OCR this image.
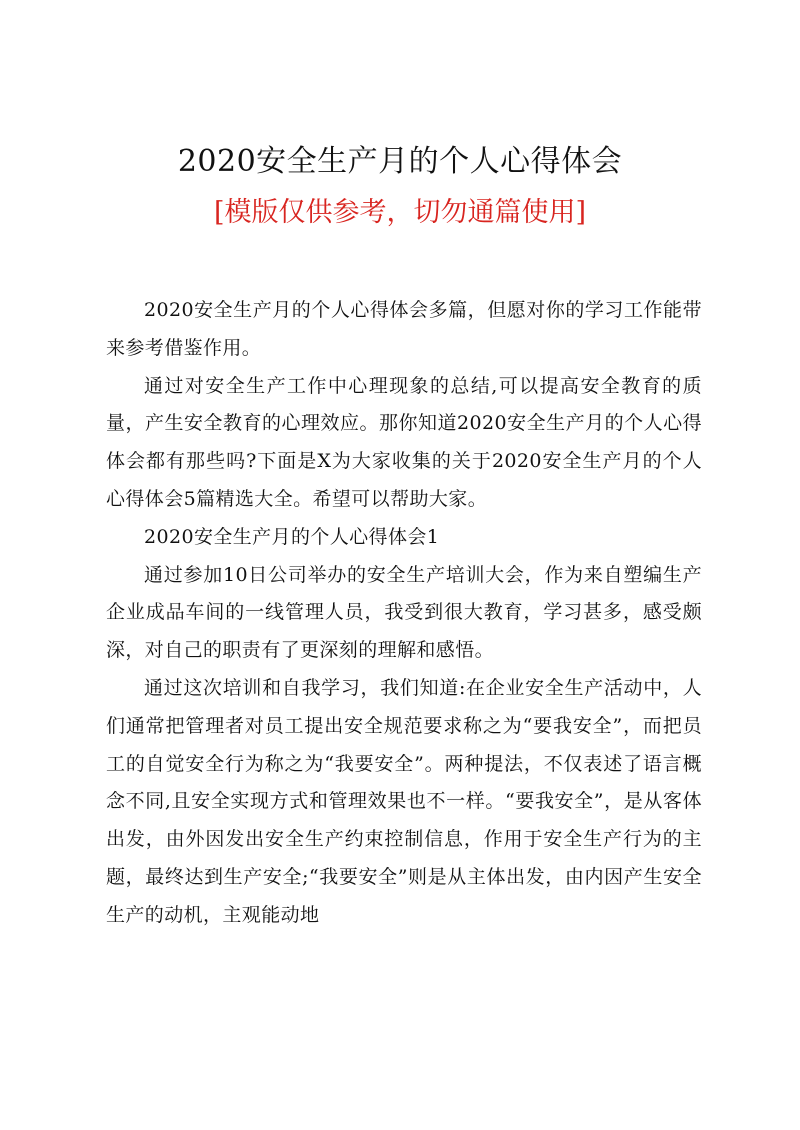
2020安全生产月的个人心得体会
[模版仅供参考，切勿通篇使用]

2020安全生产月的个人心得体会多篇，但愿对你的学习工作能带来参考借鉴作用。

通过对安全生产工作中心理现象的总结,可以提高安全教育的质量，产生安全教育的心理效应。那你知道2020安全生产月的个人心得体会都有那些吗?下面是X为大家收集的关于2020安全生产月的个人心得体会5篇精选大全。希望可以帮助大家。

2020安全生产月的个人心得体会1

通过参加10日公司举办的安全生产培训大会，作为来自塑编生产企业成品车间的一线管理人员，我受到很大教育，学习甚多，感受颇深，对自己的职责有了更深刻的理解和感悟。

通过这次培训和自我学习，我们知道:在企业安全生产活动中，人们通常把管理者对员工提出安全规范要求称之为“要我安全”，而把员工的自觉安全行为称之为“我要安全”。两种提法，不仅表述了语言概念不同,且安全实现方式和管理效果也不一样。“要我安全”，是从客体出发，由外因发出安全生产约束控制信息，作用于安全生产行为的主题，最终达到生产安全;“我要安全”则是从主体出发，由内因产生安全生产的动机，主观能动地
